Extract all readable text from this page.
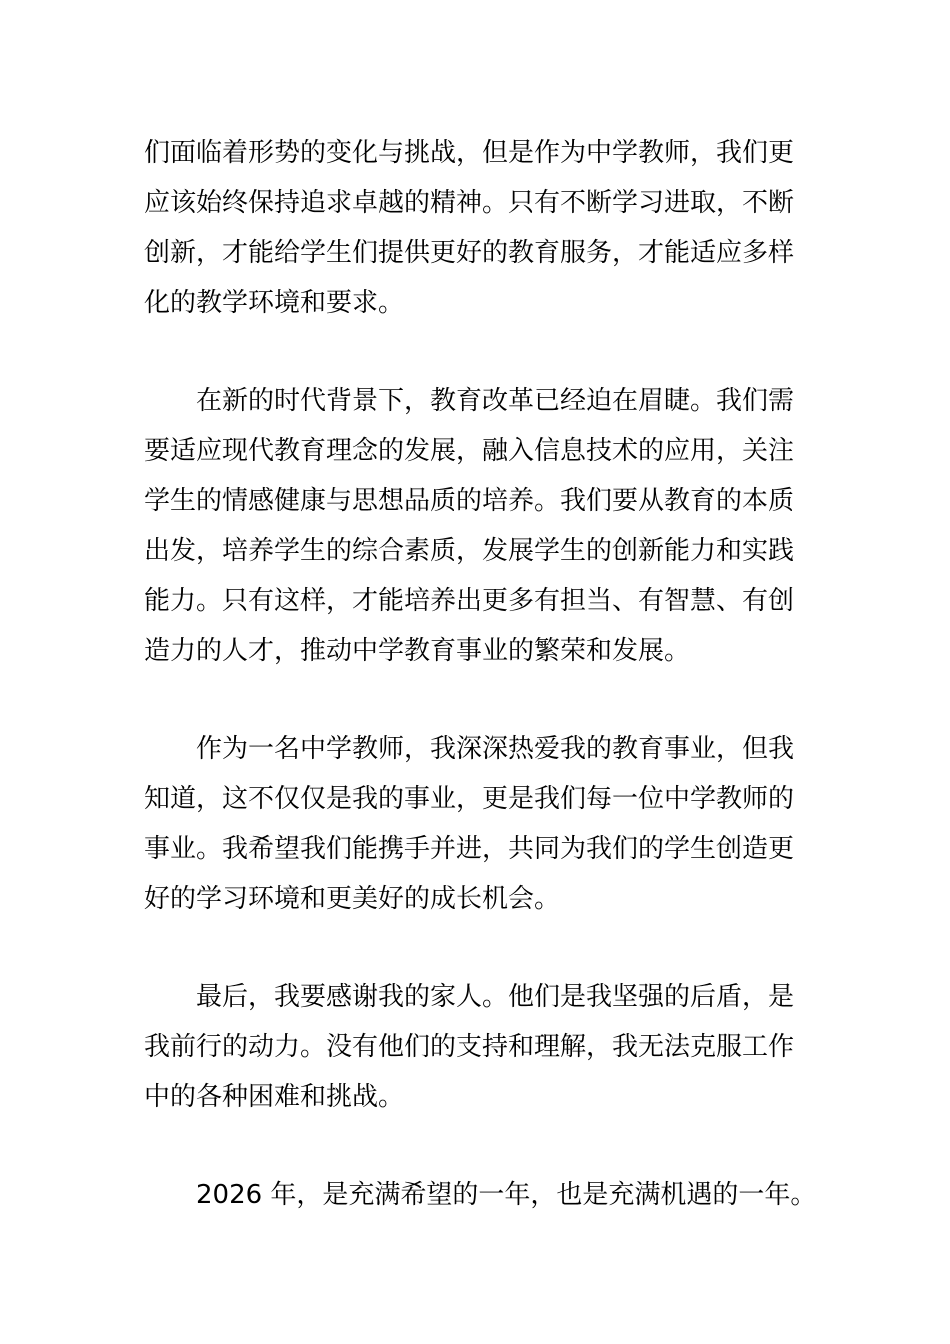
们面临着形势的变化与挑战，但是作为中学教师，我们更
应该始终保持追求卓越的精神。只有不断学习进取，不断
创新，才能给学生们提供更好的教育服务，才能适应多样
化的教学环境和要求。
在新的时代背景下，教育改革已经迫在眉睫。我们需
要适应现代教育理念的发展，融入信息技术的应用，关注
学生的情感健康与思想品质的培养。我们要从教育的本质
出发，培养学生的综合素质，发展学生的创新能力和实践
能力。只有这样，才能培养出更多有担当、有智慧、有创
造力的人才，推动中学教育事业的繁荣和发展。
作为一名中学教师，我深深热爱我的教育事业，但我
知道，这不仅仅是我的事业，更是我们每一位中学教师的
事业。我希望我们能携手并进，共同为我们的学生创造更
好的学习环境和更美好的成长机会。
最后，我要感谢我的家人。他们是我坚强的后盾，是
我前行的动力。没有他们的支持和理解，我无法克服工作
中的各种困难和挑战。
2026 年，是充满希望的一年，也是充满机遇的一年。
